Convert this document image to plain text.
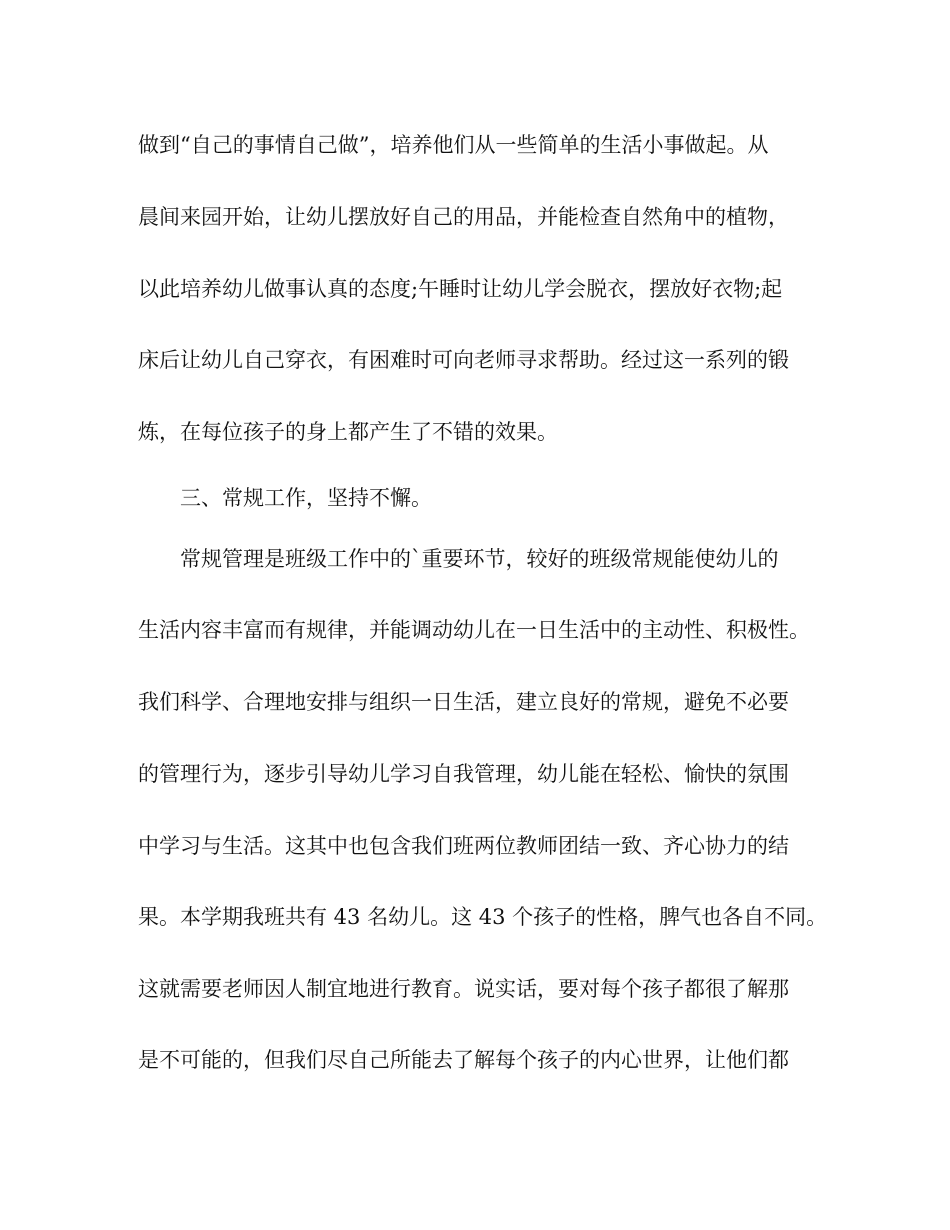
做到“自己的事情自己做”，培养他们从一些简单的生活小事做起。从
晨间来园开始，让幼儿摆放好自己的用品，并能检查自然角中的植物，
以此培养幼儿做事认真的态度;午睡时让幼儿学会脱衣，摆放好衣物;起
床后让幼儿自己穿衣，有困难时可向老师寻求帮助。经过这一系列的锻
炼，在每位孩子的身上都产生了不错的效果。
三、常规工作，坚持不懈。
常规管理是班级工作中的`重要环节，较好的班级常规能使幼儿的
生活内容丰富而有规律，并能调动幼儿在一日生活中的主动性、积极性。
我们科学、合理地安排与组织一日生活，建立良好的常规，避免不必要
的管理行为，逐步引导幼儿学习自我管理，幼儿能在轻松、愉快的氛围
中学习与生活。这其中也包含我们班两位教师团结一致、齐心协力的结
果。本学期我班共有 43 名幼儿。这 43 个孩子的性格，脾气也各自不同。
这就需要老师因人制宜地进行教育。说实话，要对每个孩子都很了解那
是不可能的，但我们尽自己所能去了解每个孩子的内心世界，让他们都
